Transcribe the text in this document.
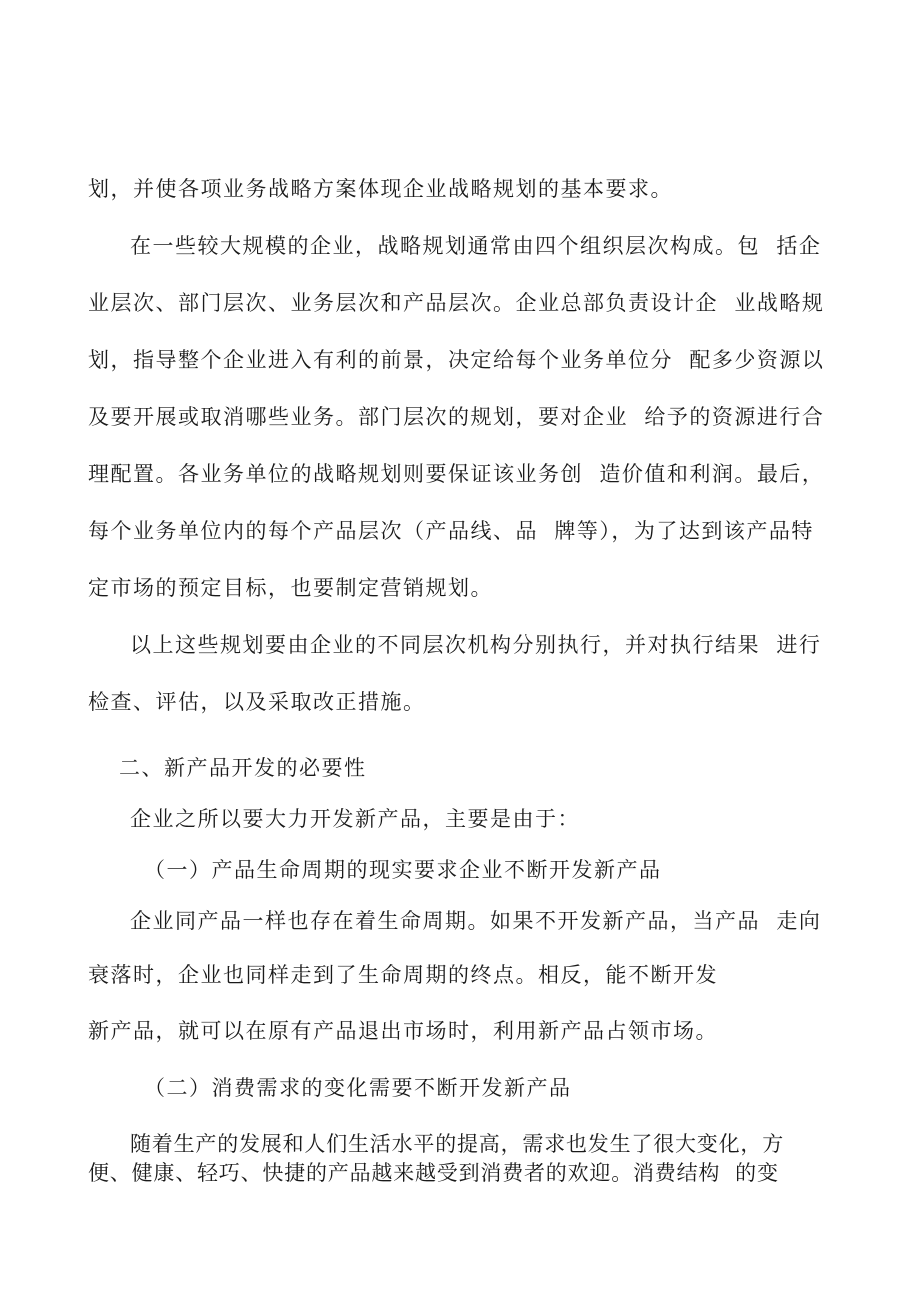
划，并使各项业务战略方案体现企业战略规划的基本要求。
在一些较大规模的企业，战略规划通常由四个组织层次构成。包  括企
业层次、部门层次、业务层次和产品层次。企业总部负责设计企  业战略规
划，指导整个企业进入有利的前景，决定给每个业务单位分  配多少资源以
及要开展或取消哪些业务。部门层次的规划，要对企业  给予的资源进行合
理配置。各业务单位的战略规划则要保证该业务创  造价值和利润。最后，
每个业务单位内的每个产品层次（产品线、品  牌等），为了达到该产品特
定市场的预定目标，也要制定营销规划。
以上这些规划要由企业的不同层次机构分别执行，并对执行结果  进行
检查、评估，以及采取改正措施。
二、新产品开发的必要性
企业之所以要大力开发新产品，主要是由于：
（一）产品生命周期的现实要求企业不断开发新产品
企业同产品一样也存在着生命周期。如果不开发新产品，当产品  走向
衰落时，企业也同样走到了生命周期的终点。相反，能不断开发
新产品，就可以在原有产品退出市场时，利用新产品占领市场。
（二）消费需求的变化需要不断开发新产品
随着生产的发展和人们生活水平的提高，需求也发生了很大变化，方
便、健康、轻巧、快捷的产品越来越受到消费者的欢迎。消费结构  的变
